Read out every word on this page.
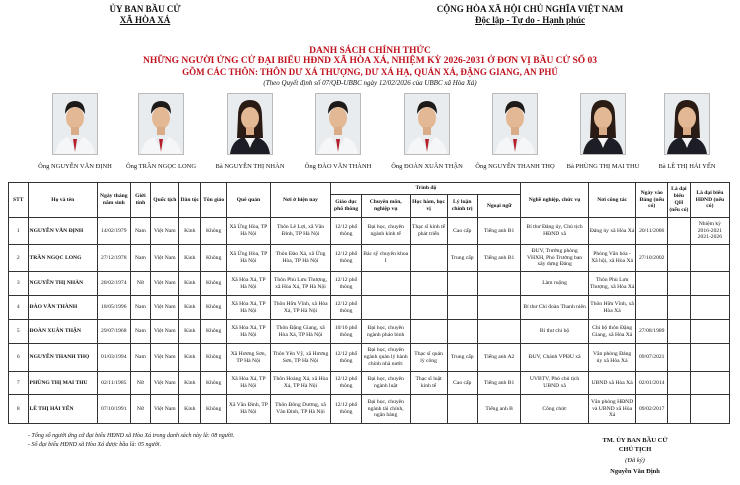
ỦY BAN BẦU CỬ
XÃ HÒA XÁ
CỘNG HÒA XÃ HỘI CHỦ NGHĨA VIỆT NAM
Độc lập - Tự do - Hạnh phúc
DANH SÁCH CHÍNH THỨC
NHỮNG NGƯỜI ỨNG CỬ ĐẠI BIỂU HĐND XÃ HÒA XÁ, NHIỆM KỲ 2026-2031 Ở ĐƠN VỊ BẦU CỬ SỐ 03
GỒM CÁC THÔN: THÔN DƯ XÁ THƯỢNG, DƯ XÁ HẠ, QUÁN XÁ, ĐẶNG GIANG, AN PHÚ
(Theo Quyết định số 07/QĐ-UBBC ngày 12/02/2026 của UBBC xã Hòa Xá)
Ông NGUYỄN VĂN ĐỊNH	Ông TRẦN NGỌC LONG	Bà NGUYỄN THỊ NHÀN	Ông ĐÀO VĂN THÀNH	Ông ĐOÀN XUÂN THẬN	Ông NGUYỄN THANH THỌ	Bà PHÙNG THỊ MAI THU	Bà LÊ THỊ HẢI YẾN
STT	Họ và tên	Ngày tháng năm sinh	Giới tính	Quốc tịch	Dân tộc	Tôn giáo	Quê quán	Nơi ở hiện nay	Trình độ					Nghề nghiệp, chức vụ	Nơi công tác	Ngày vào Đảng (nếu có)	Là đại biểu QH (nếu có)	Là đại biểu HĐND (nếu có)
									Giáo dục phổ thông	Chuyên môn, nghiệp vụ	Học hàm, học vị	Lý luận chính trị	Ngoại ngữ					
1	NGUYỄN VĂN ĐỊNH	14/02/1979	Nam	Việt Nam	Kinh	Không	Xã Ứng Hòa, TP Hà Nội	Thôn Lê Lợi, xã Vân Đình, TP Hà Nội	12/12 phổ thông	Đại học, chuyên ngành kinh tế	Thạc sĩ kinh tế phát triển	Cao cấp	Tiếng anh B1	Bí thư Đảng ủy, Chủ tịch HĐND xã	Đảng ủy xã Hòa Xá	20/11/2006		Nhiệm kỳ 2016-2021 2021-2026
2	TRẦN NGỌC LONG	27/12/1978	Nam	Việt Nam	Kinh	Không	Xã Ứng Hòa, TP Hà Nội	Thôn Đào Xá, xã Ứng Hòa, TP Hà Nội	12/12 phổ thông	Bác sỹ chuyên khoa I		Trung cấp	Tiếng anh B1	ĐUV, Trưởng phòng VHXH, Phó Trưởng ban xây dựng Đảng	Phòng Văn hóa - Xã hội, xã Hòa Xá	27/10/2002		
3	NGUYỄN THỊ NHÀN	28/02/1974	Nữ	Việt Nam	Kinh	Không	Xã Hòa Xá, TP Hà Nội	Thôn Phù Lưu Thượng, xã Hòa Xá, TP Hà Nội	12/12 phổ thông					Làm ruộng	Thôn Phù Lưu Thượng, xã Hòa Xá			
4	ĐÀO VĂN THÀNH	18/05/1996	Nam	Việt Nam	Kinh	Không	Xã Hòa Xá, TP Hà Nội	Thôn Hữu Vĩnh, xã Hòa Xá, TP Hà Nội	12/12 phổ thông					Bí thư Chi đoàn Thanh niên	Thôn Hữu Vĩnh, xã Hòa Xá			
5	ĐOÀN XUÂN THẬN	29/07/1968	Nam	Việt Nam	Kinh	Không	Xã Hòa Xá, TP Hà Nội	Thôn Đặng Giang, xã Hòa Xá, TP Hà Nội	10/10 phổ thông	Đại học, chuyên ngành pháo binh				Bí thư chi bộ	Chi bộ thôn Đặng Giang, xã Hòa Xá	27/08/1989		
6	NGUYỄN THANH THỌ	01/03/1994	Nam	Việt Nam	Kinh	Không	Xã Hương Sơn, TP Hà Nội	Thôn Yên Vỹ, xã Hương Sơn, TP Hà Nội	12/12 phổ thông	Đại học, chuyên ngành quản lý hành chính nhà nước	Thạc sĩ quản lý công	Trung cấp	Tiếng anh A2	ĐUV, Chánh VPĐU xã	Văn phòng Đảng ủy xã Hòa Xá	09/07/2021		
7	PHÙNG THỊ MAI THU	02/11/1985	Nữ	Việt Nam	Kinh	Không	Xã Hòa Xá, TP Hà Nội	Thôn Hoàng Xá, xã Hòa Xá, TP Hà Nội	12/12 phổ thông	Đại học, chuyên ngành luật	Thạc sĩ luật kinh tế	Cao cấp	Tiếng anh B1	UVBTV, Phó chủ tịch UBND xã	UBND xã Hòa Xá	02/01/2014		
8	LÊ THỊ HẢI YẾN	07/10/1991	Nữ	Việt Nam	Kinh	Không	Xã Vân Đình, TP Hà Nội	Thôn Đông Dương, xã Vân Đình, TP Hà Nội	12/12 phổ thông	Đại học, chuyên ngành tài chính, ngân hàng			Tiếng anh B	Công chức	Văn phòng HĐND và UBND xã Hòa Xá	09/02/2017		
- Tổng số người ứng cử đại biểu HĐND xã Hòa Xá trong danh sách này là: 08 người.
- Số đại biểu HĐND xã Hòa Xá được bầu là: 05 người.
TM. ỦY BAN BẦU CỬ
CHỦ TỊCH
(Đã ký)
Nguyễn Văn Định
